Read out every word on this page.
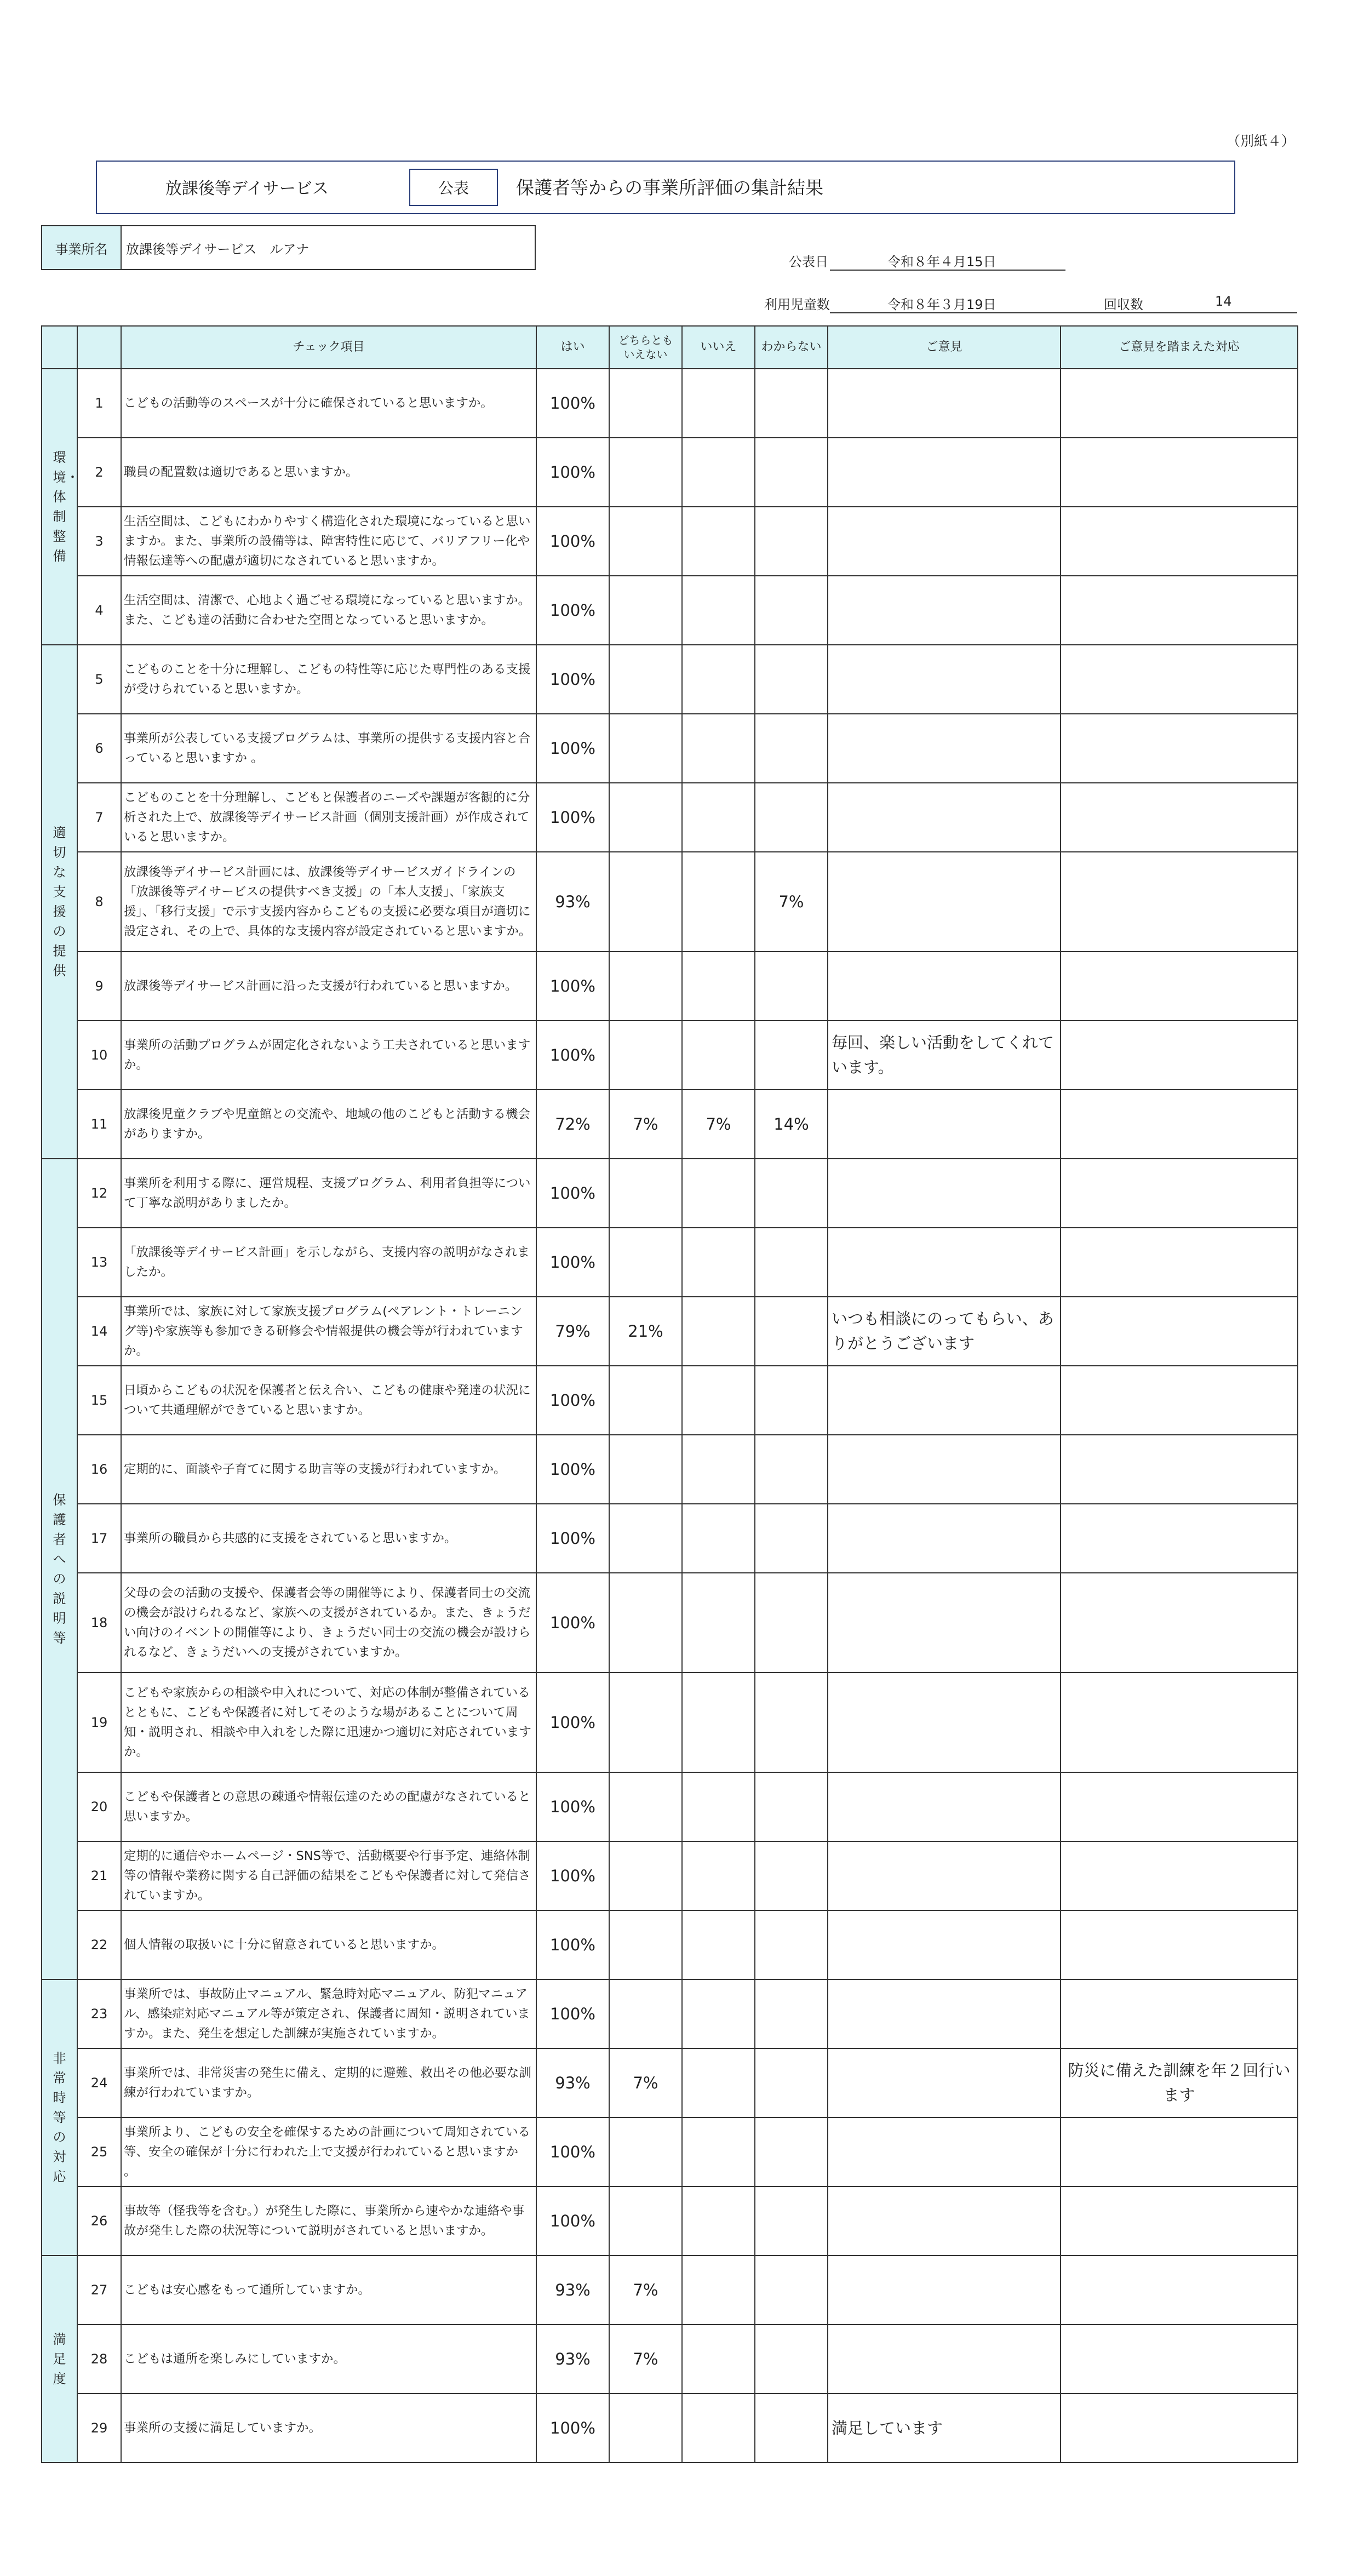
（別紙４）
放課後等デイサービス	公表	保護者等からの事業所評価の集計結果
事業所名	放課後等デイサービス　ルアナ
公表日	令和８年４月15日
利用児童数	令和８年３月19日	回収数	14
		チェック項目	はい	どちらとも
いえない	いいえ	わからない	ご意見	ご意見を踏まえた対応

環境・体制整備	1	こどもの活動等のスペースが十分に確保されていると思いますか。	100%					
	2	職員の配置数は適切であると思いますか。	100%					
	3	生活空間は、こどもにわかりやすく構造化された環境になっていると思いますか。また、事業所の設備等は、障害特性に応じて、バリアフリー化や情報伝達等への配慮が適切になされていると思いますか。	100%					
	4	生活空間は、清潔で、心地よく過ごせる環境になっていると思いますか。また、こども達の活動に合わせた空間となっていると思いますか。	100%					

適切な支援の提供	5	こどものことを十分に理解し、こどもの特性等に応じた専門性のある支援が受けられていると思いますか。	100%					
	6	事業所が公表している支援プログラムは、事業所の提供する支援内容と合っていると思いますか 。	100%					
	7	こどものことを十分理解し、こどもと保護者のニーズや課題が客観的に分析された上で、放課後等デイサービス計画（個別支援計画）が作成されていると思いますか。	100%					
	8	放課後等デイサービス計画には、放課後等デイサービスガイドラインの「放課後等デイサービスの提供すべき支援」の「本人支援」、「家族支援」、「移行支援」で示す支援内容からこどもの支援に必要な項目が適切に設定され、その上で、具体的な支援内容が設定されていると思いますか。	93%			7%		
	9	放課後等デイサービス計画に沿った支援が行われていると思いますか。	100%					
	10	事業所の活動プログラムが固定化されないよう工夫されていると思いますか。	100%				毎回、楽しい活動をしてくれています。	
	11	放課後児童クラブや児童館との交流や、地域の他のこどもと活動する機会がありますか。	72%	7%	7%	14%		

保護者への説明等	12	事業所を利用する際に、運営規程、支援プログラム、利用者負担等について丁寧な説明がありましたか。	100%					
	13	「放課後等デイサービス計画」を示しながら、支援内容の説明がなされましたか。	100%					
	14	事業所では、家族に対して家族支援プログラム(ペアレント・トレーニング等)や家族等も参加できる研修会や情報提供の機会等が行われていますか。	79%	21%			いつも相談にのってもらい、ありがとうございます	
	15	日頃からこどもの状況を保護者と伝え合い、こどもの健康や発達の状況について共通理解ができていると思いますか。	100%					
	16	定期的に、面談や子育てに関する助言等の支援が行われていますか。	100%					
	17	事業所の職員から共感的に支援をされていると思いますか。	100%					
	18	父母の会の活動の支援や、保護者会等の開催等により、保護者同士の交流の機会が設けられるなど、家族への支援がされているか。また、きょうだい向けのイベントの開催等により、きょうだい同士の交流の機会が設けられるなど、きょうだいへの支援がされていますか。	100%					
	19	こどもや家族からの相談や申入れについて、対応の体制が整備されているとともに、こどもや保護者に対してそのような場があることについて周知・説明され、相談や申入れをした際に迅速かつ適切に対応されていますか。	100%					
	20	こどもや保護者との意思の疎通や情報伝達のための配慮がなされていると思いますか。	100%					
	21	定期的に通信やホームページ・SNS等で、活動概要や行事予定、連絡体制等の情報や業務に関する自己評価の結果をこどもや保護者に対して発信されていますか。	100%					
	22	個人情報の取扱いに十分に留意されていると思いますか。	100%					

非常時等の対応	23	事業所では、事故防止マニュアル、緊急時対応マニュアル、防犯マニュアル、感染症対応マニュアル等が策定され、保護者に周知・説明されていますか。また、発生を想定した訓練が実施されていますか。	100%					
	24	事業所では、非常災害の発生に備え、定期的に避難、救出その他必要な訓練が行われていますか。	93%	7%				防災に備えた訓練を年２回行います
	25	事業所より、こどもの安全を確保するための計画について周知されている等、安全の確保が十分に行われた上で支援が行われていると思いますか 。	100%					
	26	事故等（怪我等を含む。）が発生した際に、事業所から速やかな連絡や事故が発生した際の状況等について説明がされていると思いますか。	100%					

満足度	27	こどもは安心感をもって通所していますか。	93%	7%				
	28	こどもは通所を楽しみにしていますか。	93%	7%				
	29	事業所の支援に満足していますか。	100%				満足しています	
